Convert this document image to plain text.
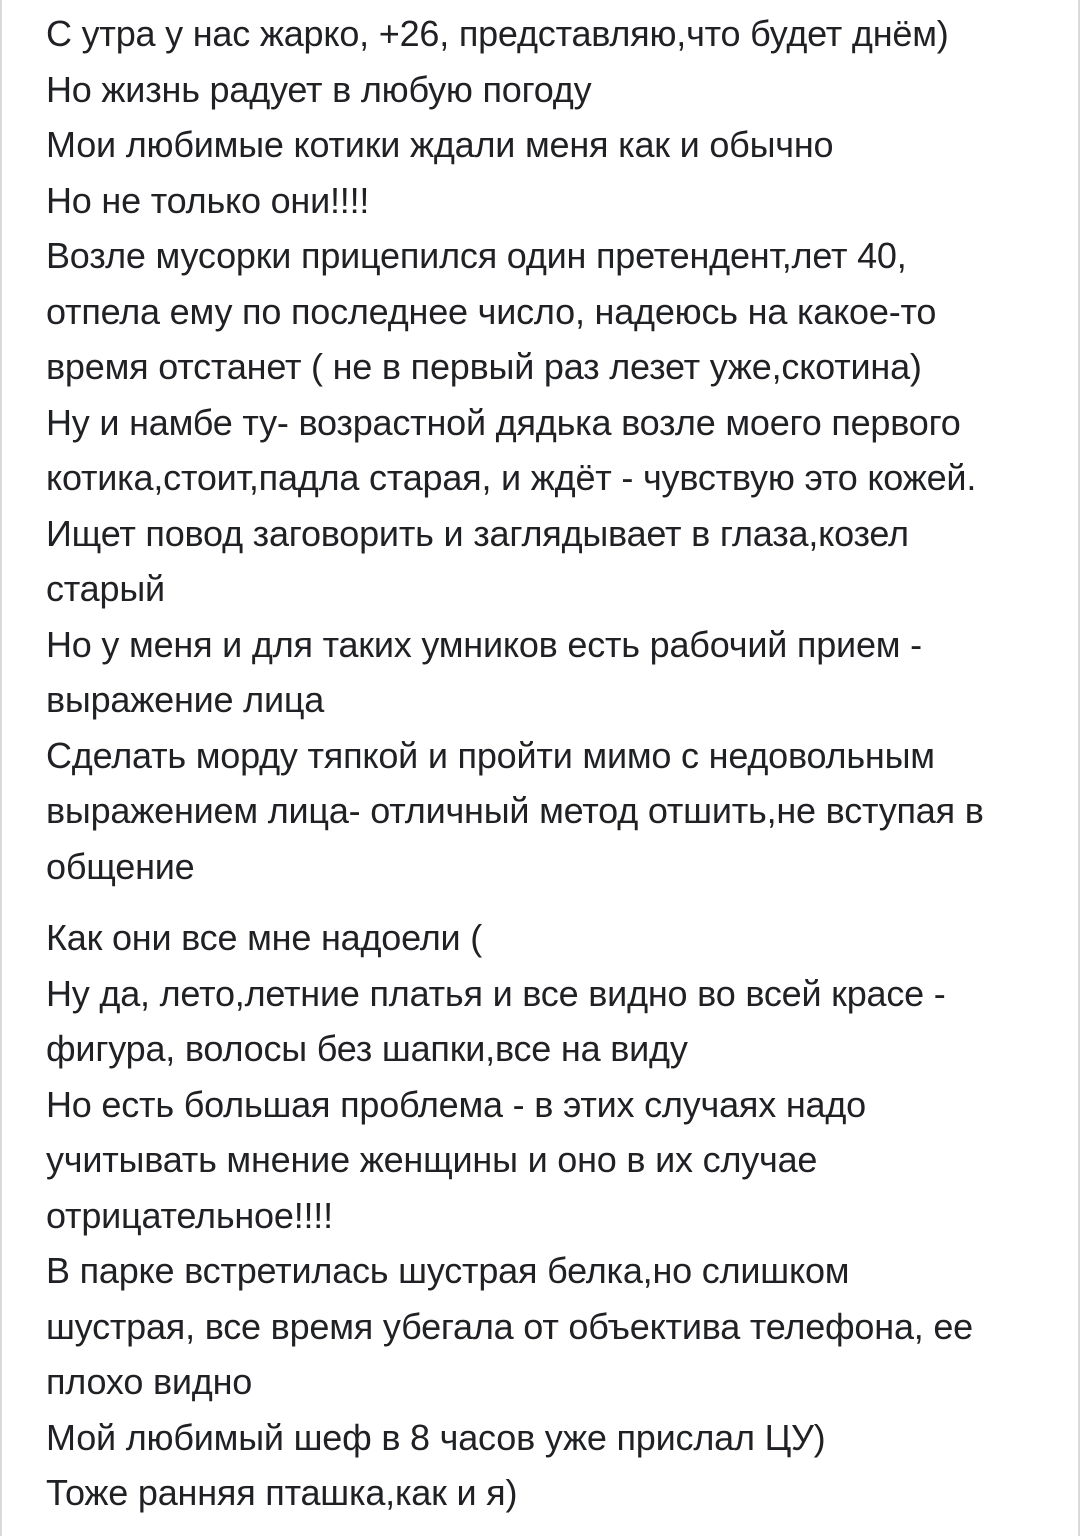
С утра у нас жарко, +26, представляю,что будет днём)
Но жизнь радует в любую погоду
Мои любимые котики ждали меня как и обычно
Но не только они!!!!
Возле мусорки прицепился один претендент,лет 40,
отпела ему по последнее число, надеюсь на какое-то
время отстанет ( не в первый раз лезет уже,скотина)
Ну и намбе ту- возрастной дядька возле моего первого
котика,стоит,падла старая, и ждёт - чувствую это кожей.
Ищет повод заговорить и заглядывает в глаза,козел
старый
Но у меня и для таких умников есть рабочий прием -
выражение лица
Сделать морду тяпкой и пройти мимо с недовольным
выражением лица- отличный метод отшить,не вступая в
общение
Как они все мне надоели (
Ну да, лето,летние платья и все видно во всей красе -
фигура, волосы без шапки,все на виду
Но есть большая проблема - в этих случаях надо
учитывать мнение женщины и оно в их случае
отрицательное!!!!
В парке встретилась шустрая белка,но слишком
шустрая, все время убегала от объектива телефона, ее
плохо видно
Мой любимый шеф в 8 часов уже прислал ЦУ)
Тоже ранняя пташка,как и я)
